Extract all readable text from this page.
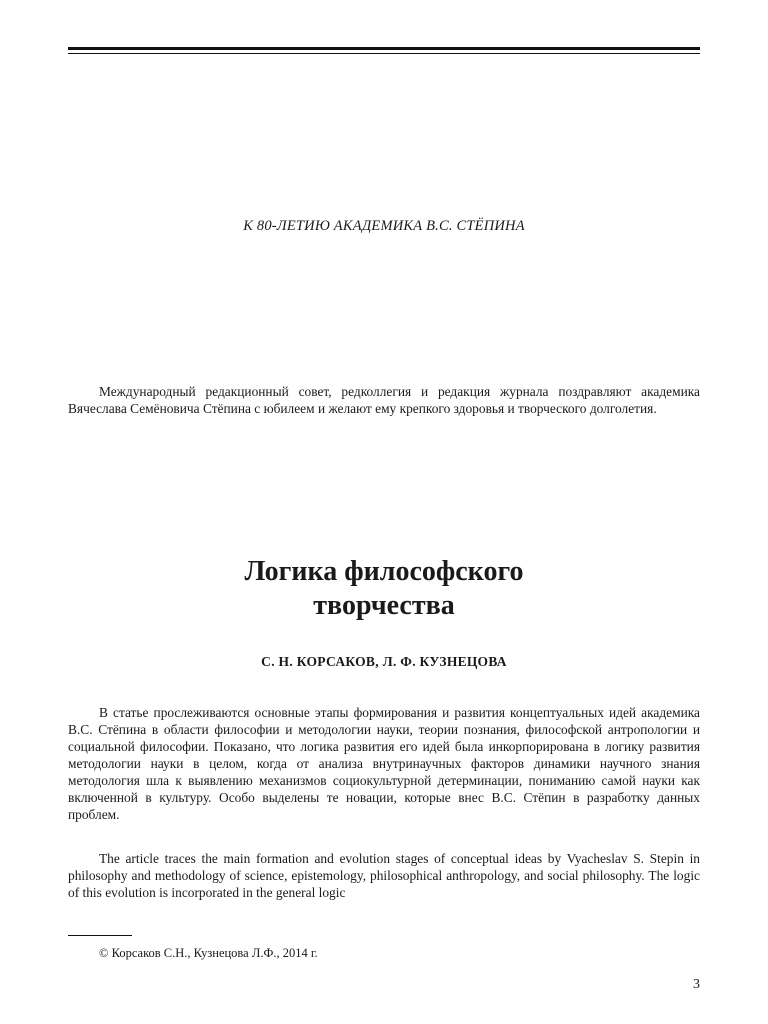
К 80-ЛЕТИЮ АКАДЕМИКА В.С. СТЁПИНА

Международный редакционный совет, редколлегия и редакция журнала поздравляют академика Вячеслава Семёновича Стёпина с юбилеем и желают ему крепкого здоровья и творческого долголетия.

Логика философского
творчества
С. Н. КОРСАКОВ, Л. Ф. КУЗНЕЦОВА

В статье прослеживаются основные этапы формирования и развития концептуальных идей академика В.С. Стёпина в области философии и методологии науки, теории познания, философской антропологии и социальной философии. Показано, что логика развития его идей была инкорпорирована в логику развития методологии науки в целом, когда от анализа внутринаучных факторов динамики научного знания методология шла к выявлению механизмов социокультурной детерминации, пониманию самой науки как включенной в культуру. Особо выделены те новации, которые внес В.С. Стёпин в разработку данных проблем.

The article traces the main formation and evolution stages of conceptual ideas by Vyacheslav S. Stepin in philosophy and methodology of science, epistemology, philosophical anthropology, and social philosophy. The logic of this evolution is incorporated in the general logic

© Корсаков С.Н., Кузнецова Л.Ф., 2014 г.
3
